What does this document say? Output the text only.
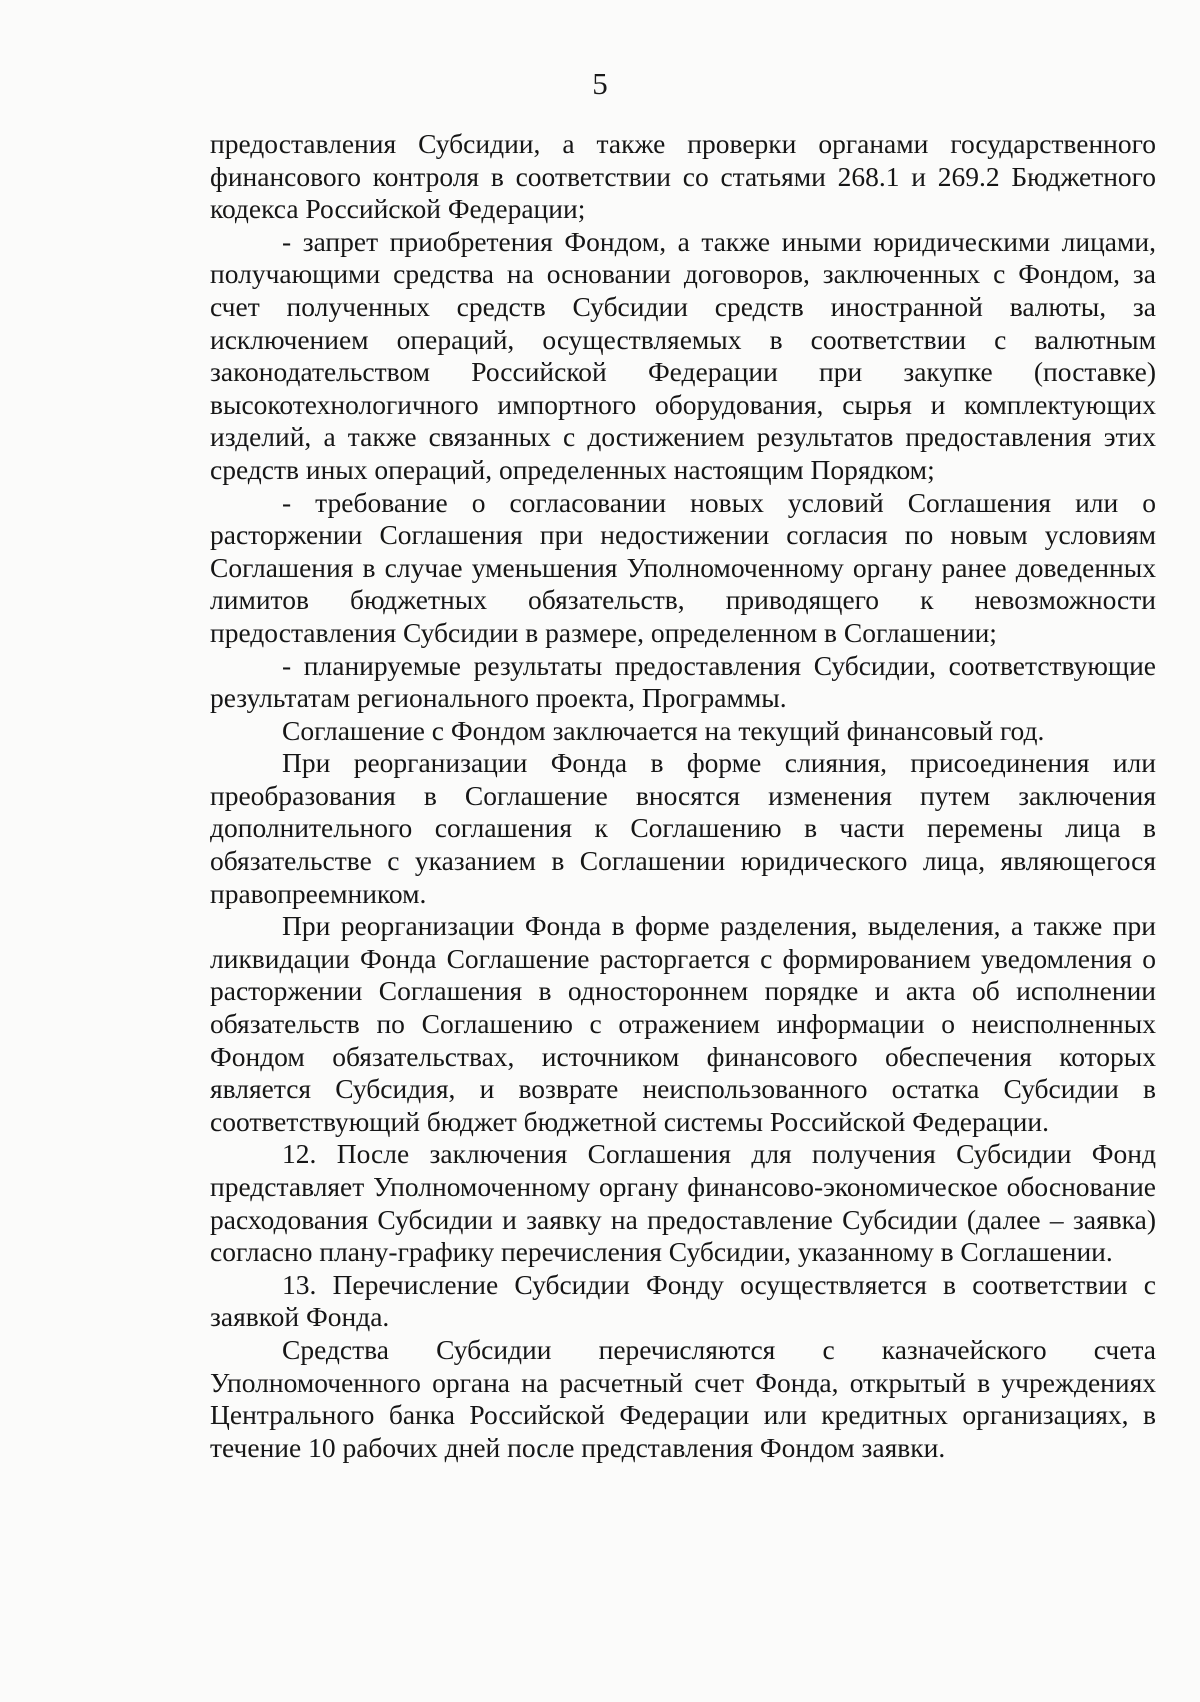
5

предоставления Субсидии, а также проверки органами государственного финансового контроля в соответствии со статьями 268.1 и 269.2 Бюджетного кодекса Российской Федерации;

- запрет приобретения Фондом, а также иными юридическими лицами, получающими средства на основании договоров, заключенных с Фондом, за счет полученных средств Субсидии средств иностранной валюты, за исключением операций, осуществляемых в соответствии с валютным законодательством Российской Федерации при закупке (поставке) высокотехнологичного импортного оборудования, сырья и комплектующих изделий, а также связанных с достижением результатов предоставления этих средств иных операций, определенных настоящим Порядком;

- требование о согласовании новых условий Соглашения или о расторжении Соглашения при недостижении согласия по новым условиям Соглашения в случае уменьшения Уполномоченному органу ранее доведенных лимитов бюджетных обязательств, приводящего к невозможности предоставления Субсидии в размере, определенном в Соглашении;

- планируемые результаты предоставления Субсидии, соответствующие результатам регионального проекта, Программы.

Соглашение с Фондом заключается на текущий финансовый год.

При реорганизации Фонда в форме слияния, присоединения или преобразования в Соглашение вносятся изменения путем заключения дополнительного соглашения к Соглашению в части перемены лица в обязательстве с указанием в Соглашении юридического лица, являющегося правопреемником.

При реорганизации Фонда в форме разделения, выделения, а также при ликвидации Фонда Соглашение расторгается с формированием уведомления о расторжении Соглашения в одностороннем порядке и акта об исполнении обязательств по Соглашению с отражением информации о неисполненных Фондом обязательствах, источником финансового обеспечения которых является Субсидия, и возврате неиспользованного остатка Субсидии в соответствующий бюджет бюджетной системы Российской Федерации.

12. После заключения Соглашения для получения Субсидии Фонд представляет Уполномоченному органу финансово-экономическое обоснование расходования Субсидии и заявку на предоставление Субсидии (далее – заявка) согласно плану-графику перечисления Субсидии, указанному в Соглашении.

13. Перечисление Субсидии Фонду осуществляется в соответствии с заявкой Фонда.

Средства Субсидии перечисляются с казначейского счета Уполномоченного органа на расчетный счет Фонда, открытый в учреждениях Центрального банка Российской Федерации или кредитных организациях, в течение 10 рабочих дней после представления Фондом заявки.
